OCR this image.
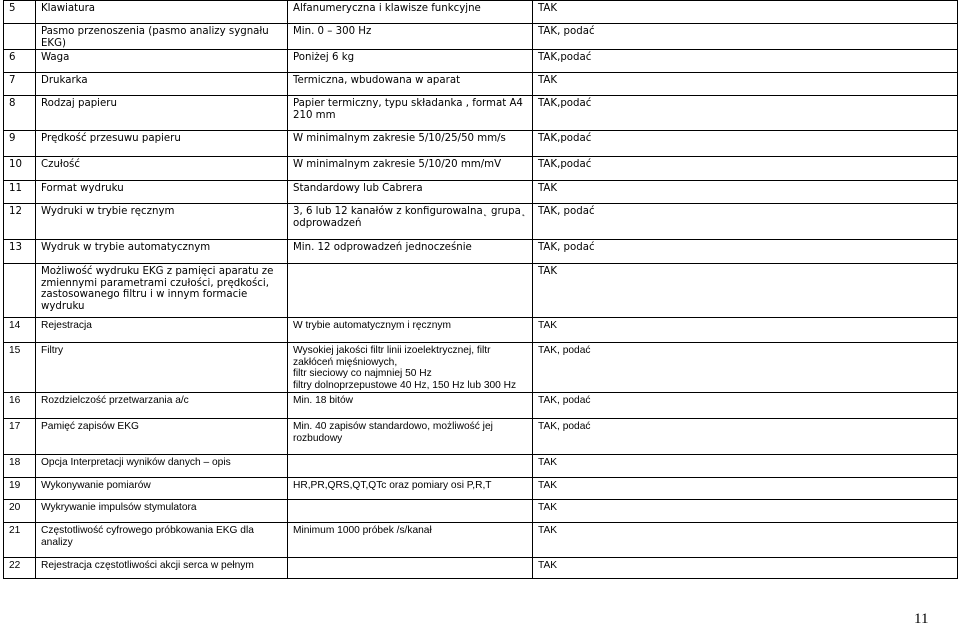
5	Klawiatura	Alfanumeryczna i klawisze funkcyjne	TAK
	Pasmo przenoszenia (pasmo analizy sygnału EKG)	Min. 0 – 300 Hz	TAK, podać
6	Waga	Poniżej 6 kg	TAK,podać
7	Drukarka	Termiczna, wbudowana w aparat	TAK
8	Rodzaj papieru	Papier termiczny, typu składanka , format A4 210 mm	TAK,podać
9	Prędkość przesuwu papieru	W minimalnym zakresie 5/10/25/50 mm/s	TAK,podać
10	Czułość	W minimalnym zakresie 5/10/20 mm/mV	TAK,podać
11	Format wydruku	Standardowy lub Cabrera	TAK
12	Wydruki w trybie ręcznym	3, 6 lub 12 kanałów z konfigurowalna˛ grupa˛ odprowadzeń	TAK, podać
13	Wydruk w trybie automatycznym	Min. 12 odprowadzeń jednocześnie	TAK, podać
	Możliwość wydruku EKG z pamięci aparatu ze zmiennymi parametrami czułości, prędkości, zastosowanego filtru i w innym formacie wydruku		TAK
14	Rejestracja	W trybie automatycznym i ręcznym	TAK
15	Filtry	Wysokiej jakości filtr linii izoelektrycznej, filtr zakłóceń mięśniowych,
filtr sieciowy co najmniej 50 Hz
filtry dolnoprzepustowe 40 Hz, 150 Hz lub 300 Hz	TAK, podać
16	Rozdzielczość przetwarzania a/c	Min. 18 bitów	TAK, podać
17	Pamięć zapisów EKG	Min. 40 zapisów standardowo, możliwość jej rozbudowy	TAK, podać
18	Opcja Interpretacji wyników danych – opis		TAK
19	Wykonywanie pomiarów	HR,PR,QRS,QT,QTc oraz pomiary osi P,R,T	TAK
20	Wykrywanie impulsów stymulatora		TAK
21	Częstotliwość cyfrowego próbkowania EKG dla analizy	Minimum 1000 próbek /s/kanał	TAK
22	Rejestracja częstotliwości akcji serca w pełnym		TAK
11
